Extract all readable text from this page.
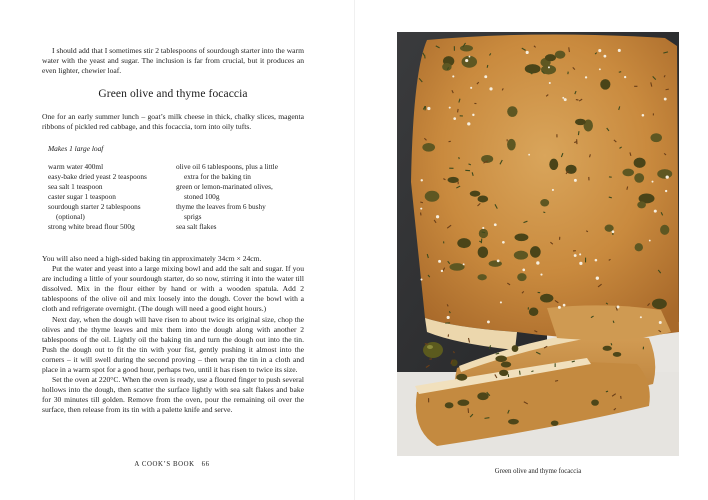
I should add that I sometimes stir 2 tablespoons of sourdough starter into the warm water with the yeast and sugar. The inclusion is far from crucial, but it produces an even lighter, chewier loaf.

Green olive and thyme focaccia

One for an early summer lunch – goat’s milk cheese in thick, chalky slices, magenta ribbons of pickled red cabbage, and this focaccia, torn into oily tufts.

Makes 1 large loaf
warm water 400ml
easy-bake dried yeast 2 teaspoons
sea salt 1 teaspoon
caster sugar 1 teaspoon
sourdough starter 2 tablespoons
(optional)
strong white bread flour 500g
olive oil 6 tablespoons, plus a little
extra for the baking tin
green or lemon-marinated olives,
stoned 100g
thyme the leaves from 6 bushy
sprigs
sea salt flakes

You will also need a high-sided baking tin approximately 34cm × 24cm.

Put the water and yeast into a large mixing bowl and add the salt and sugar. If you are including a little of your sourdough starter, do so now, stirring it into the water till dissolved. Mix in the flour either by hand or with a wooden spatula. Add 2 tablespoons of the olive oil and mix loosely into the dough. Cover the bowl with a cloth and refrigerate overnight. (The dough will need a good eight hours.)

Next day, when the dough will have risen to about twice its original size, chop the olives and the thyme leaves and mix them into the dough along with another 2 tablespoons of the oil. Lightly oil the baking tin and turn the dough out into the tin. Push the dough out to fit the tin with your fist, gently pushing it almost into the corners – it will swell during the second proving – then wrap the tin in a cloth and place in a warm spot for a good hour, perhaps two, until it has risen to twice its size.

Set the oven at 220°C. When the oven is ready, use a floured finger to push several hollows into the dough, then scatter the surface lightly with sea salt flakes and bake for 30 minutes till golden. Remove from the oven, pour the remaining oil over the surface, then release from its tin with a palette knife and serve.

A COOK’S BOOK 66
Green olive and thyme focaccia
